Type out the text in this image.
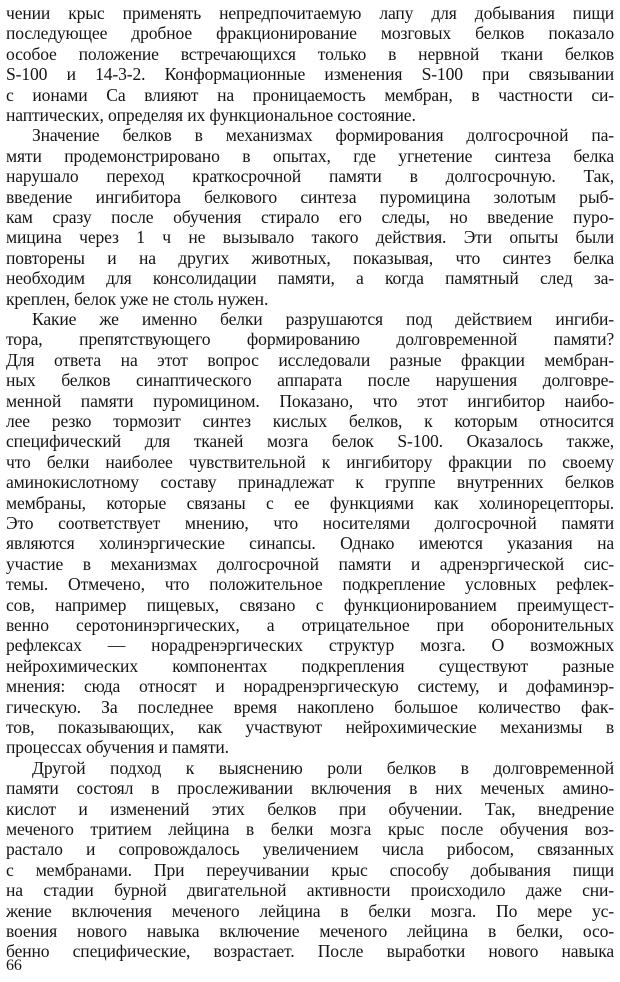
чении крыс применять непредпочитаемую лапу для добывания пищи
последующее дробное фракционирование мозговых белков показало
особое положение встречающихся только в нервной ткани белков
S-100 и 14-3-2. Конформационные изменения S-100 при связывании
с ионами Са влияют на проницаемость мембран, в частности си-
наптических, определяя их функциональное состояние.
Значение белков в механизмах формирования долгосрочной па-
мяти продемонстрировано в опытах, где угнетение синтеза белка
нарушало переход краткосрочной памяти в долгосрочную. Так,
введение ингибитора белкового синтеза пуромицина золотым рыб-
кам сразу после обучения стирало его следы, но введение пуро-
мицина через 1 ч не вызывало такого действия. Эти опыты были
повторены и на других животных, показывая, что синтез белка
необходим для консолидации памяти, а когда памятный след за-
креплен, белок уже не столь нужен.
Какие же именно белки разрушаются под действием ингиби-
тора, препятствующего формированию долговременной памяти?
Для ответа на этот вопрос исследовали разные фракции мембран-
ных белков синаптического аппарата после нарушения долговре-
менной памяти пуромицином. Показано, что этот ингибитор наибо-
лее резко тормозит синтез кислых белков, к которым относится
специфический для тканей мозга белок S-100. Оказалось также,
что белки наиболее чувствительной к ингибитору фракции по своему
аминокислотному составу принадлежат к группе внутренних белков
мембраны, которые связаны с ее функциями как холинорецепторы.
Это соответствует мнению, что носителями долгосрочной памяти
являются холинэргические синапсы. Однако имеются указания на
участие в механизмах долгосрочной памяти и адренэргической сис-
темы. Отмечено, что положительное подкрепление условных рефлек-
сов, например пищевых, связано с функционированием преимущест-
венно серотонинэргических, а отрицательное при оборонительных
рефлексах — норадренэргических структур мозга. О возможных
нейрохимических компонентах подкрепления существуют разные
мнения: сюда относят и норадренэргическую систему, и дофаминэр-
гическую. За последнее время накоплено большое количество фак-
тов, показывающих, как участвуют нейрохимические механизмы в
процессах обучения и памяти.
Другой подход к выяснению роли белков в долговременной
памяти состоял в прослеживании включения в них меченых амино-
кислот и изменений этих белков при обучении. Так, внедрение
меченого тритием лейцина в белки мозга крыс после обучения воз-
растало и сопровождалось увеличением числа рибосом, связанных
с мембранами. При переучивании крыс способу добывания пищи
на стадии бурной двигательной активности происходило даже сни-
жение включения меченого лейцина в белки мозга. По мере ус-
воения нового навыка включение меченого лейцина в белки, осо-
бенно специфические, возрастает. После выработки нового навыка
66
